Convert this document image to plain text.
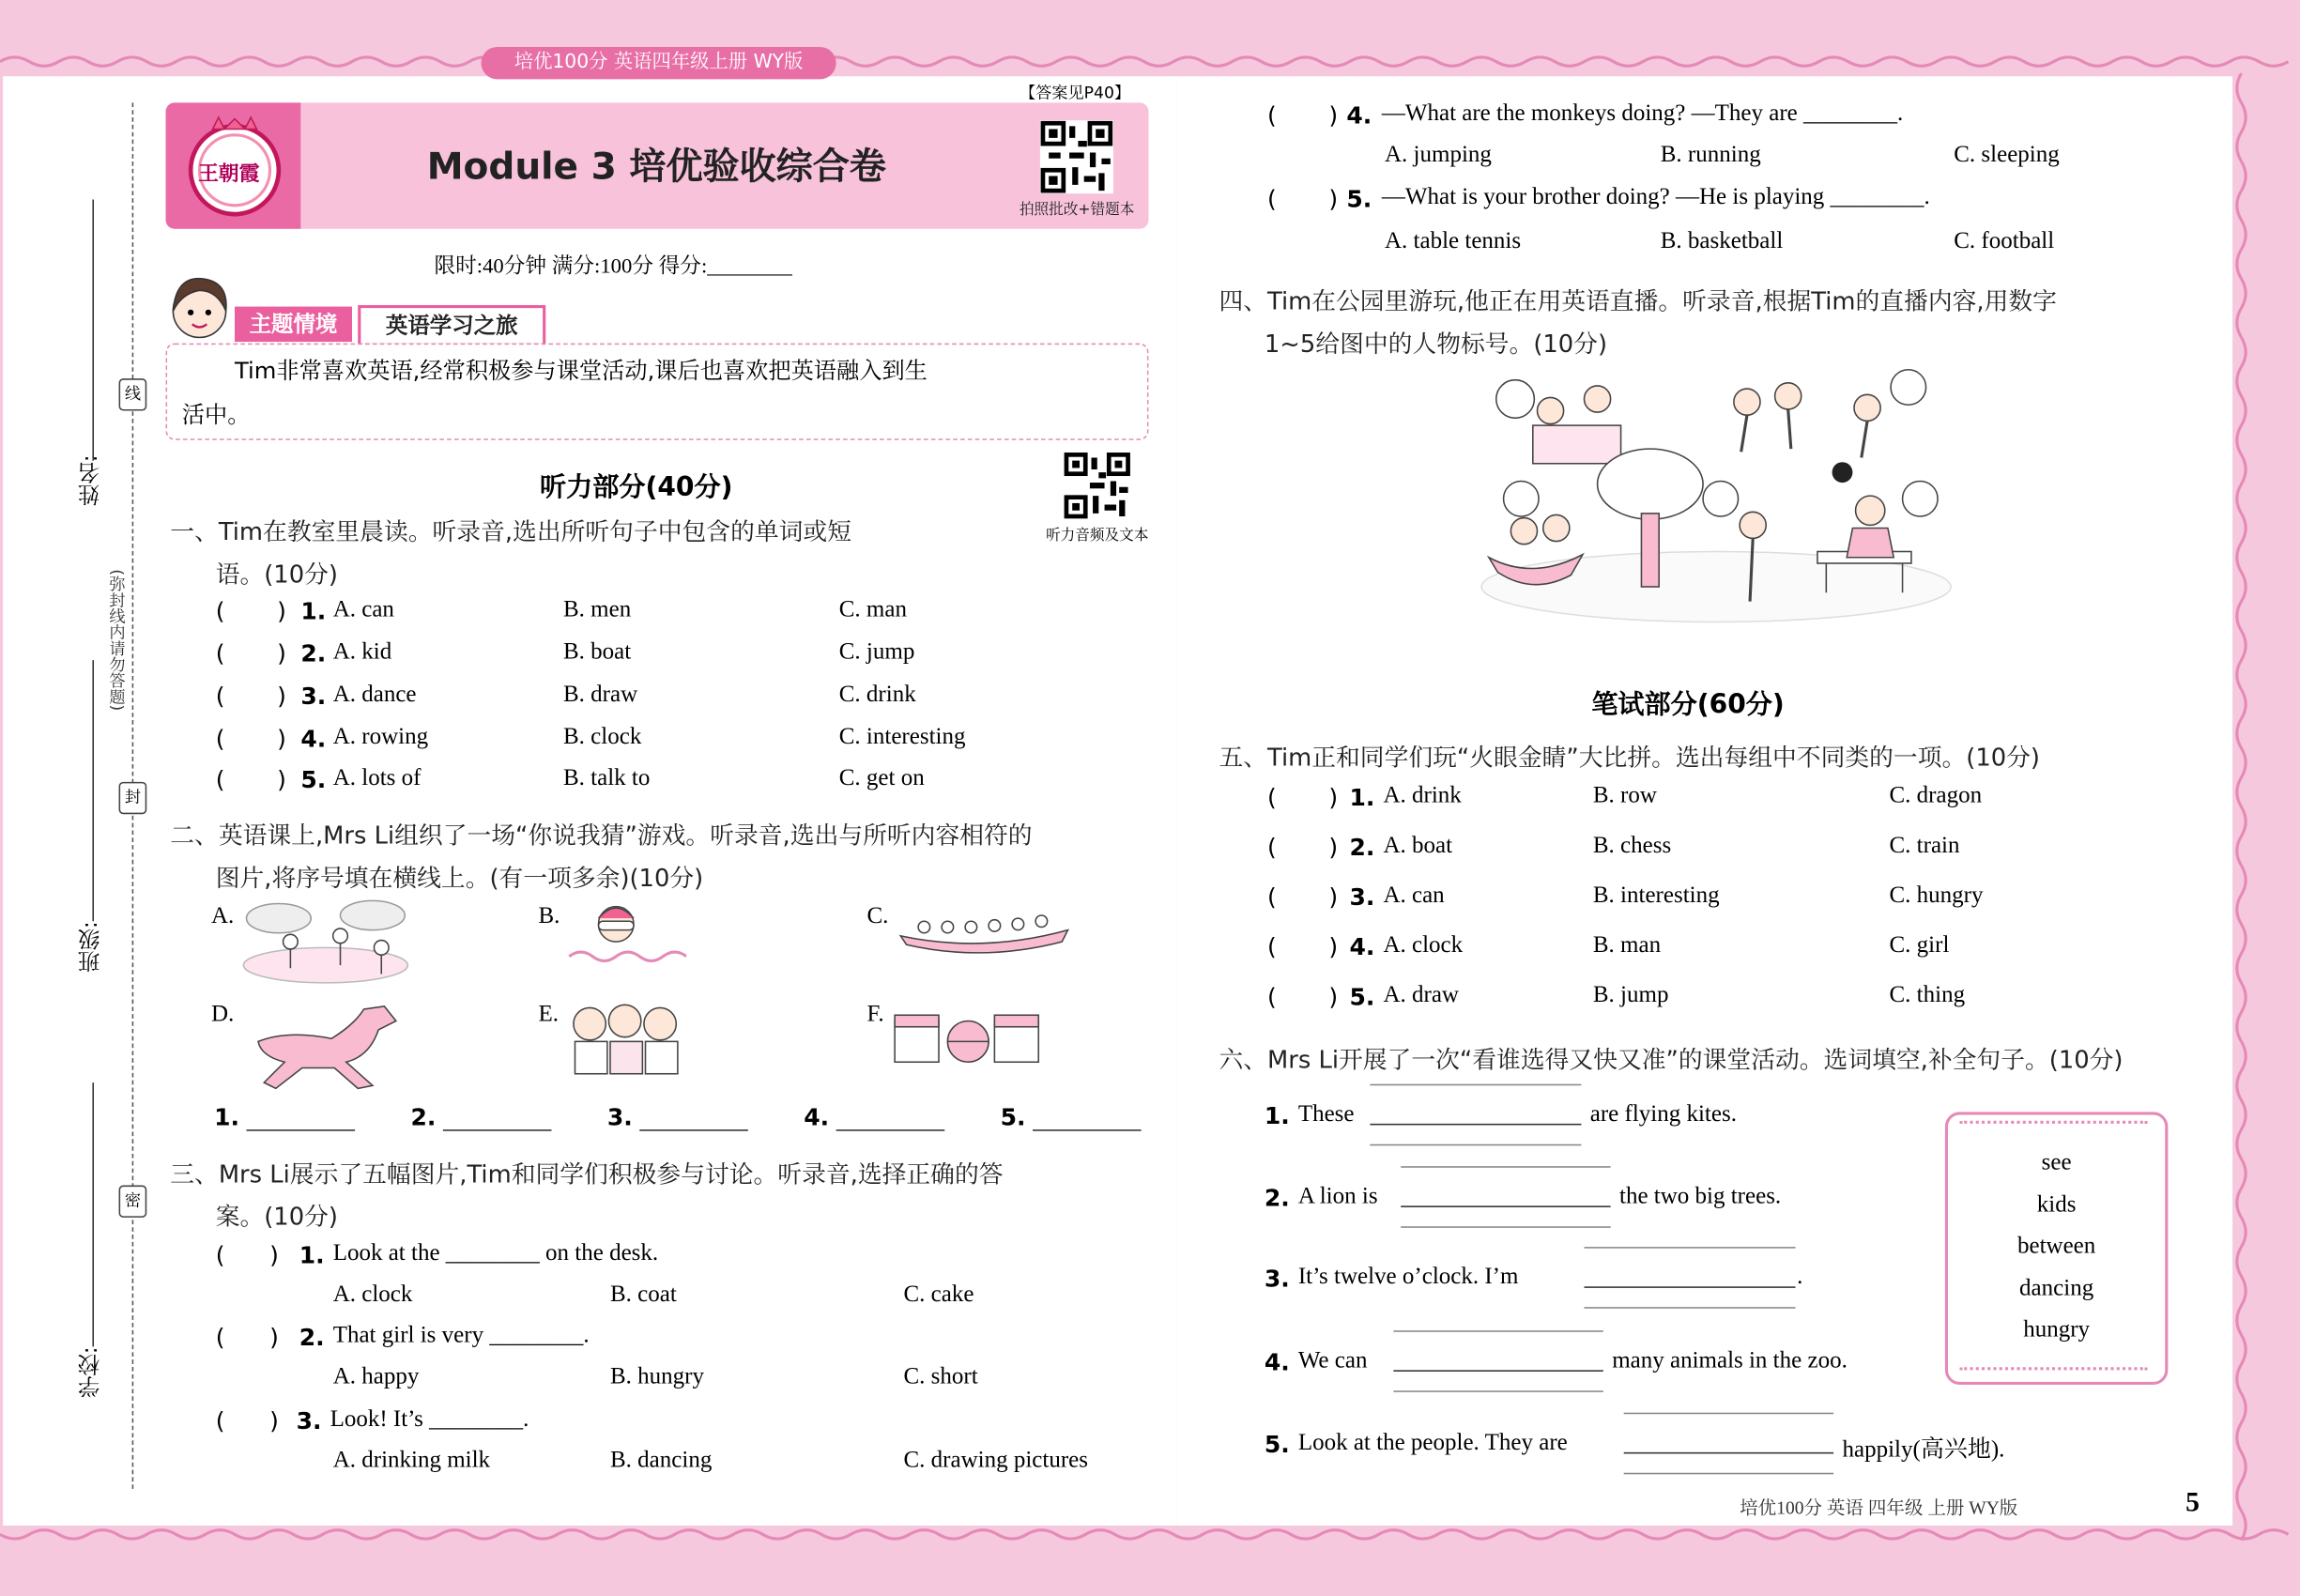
培优100分 英语四年级上册 WY版
线
封
密
(弥封线内请勿答题)
姓名:
班级:
学校:
【答案见P40】
王朝霞	Module 3 培优验收综合卷
拍照批改+错题本
限时:40分钟 满分:100分 得分:________
主题情境	英语学习之旅
Tim非常喜欢英语,经常积极参与课堂活动,课后也喜欢把英语融入到生
活中。
听力部分(40分)
听力音频及文本
一、Tim在教室里晨读。听录音,选出所听句子中包含的单词或短
语。(10分)
(       ) 1. A. can	B. men	C. man
(       ) 2. A. kid	B. boat	C. jump
(       ) 3. A. dance	B. draw	C. drink
(       ) 4. A. rowing	B. clock	C. interesting
(       ) 5. A. lots of	B. talk to	C. get on
二、英语课上,Mrs Li组织了一场“你说我猜”游戏。听录音,选出与所听内容相符的
图片,将序号填在横线上。(有一项多余)(10分)
A.	B.	C.
D.	E.	F.
1.	2.	3.	4.	5.
三、Mrs Li展示了五幅图片,Tim和同学们积极参与讨论。听录音,选择正确的答
案。(10分)
(      ) 1. Look at the ________ on the desk.
A. clock	B. coat	C. cake
(      ) 2. That girl is very ________.
A. happy	B. hungry	C. short
(      ) 3. Look! It’s ________.
A. drinking milk	B. dancing	C. drawing pictures
(       ) 4. —What are the monkeys doing? —They are ________.
A. jumping	B. running	C. sleeping
(       ) 5. —What is your brother doing? —He is playing ________.
A. table tennis	B. basketball	C. football
四、Tim在公园里游玩,他正在用英语直播。听录音,根据Tim的直播内容,用数字
1~5给图中的人物标号。(10分)
笔试部分(60分)
五、Tim正和同学们玩“火眼金睛”大比拼。选出每组中不同类的一项。(10分)
(       ) 1. A. drink	B. row	C. dragon
(       ) 2. A. boat	B. chess	C. train
(       ) 3. A. can	B. interesting	C. hungry
(       ) 4. A. clock	B. man	C. girl
(       ) 5. A. draw	B. jump	C. thing
六、Mrs Li开展了一次“看谁选得又快又准”的课堂活动。选词填空,补全句子。(10分)
1. These	are flying kites.
2. A lion is	the two big trees.
3. It’s twelve o’clock. I’m	.
4. We can	many animals in the zoo.
5. Look at the people. They are	happily(高兴地).
see
kids
between
dancing
hungry
培优100分 英语 四年级 上册 WY版	5
